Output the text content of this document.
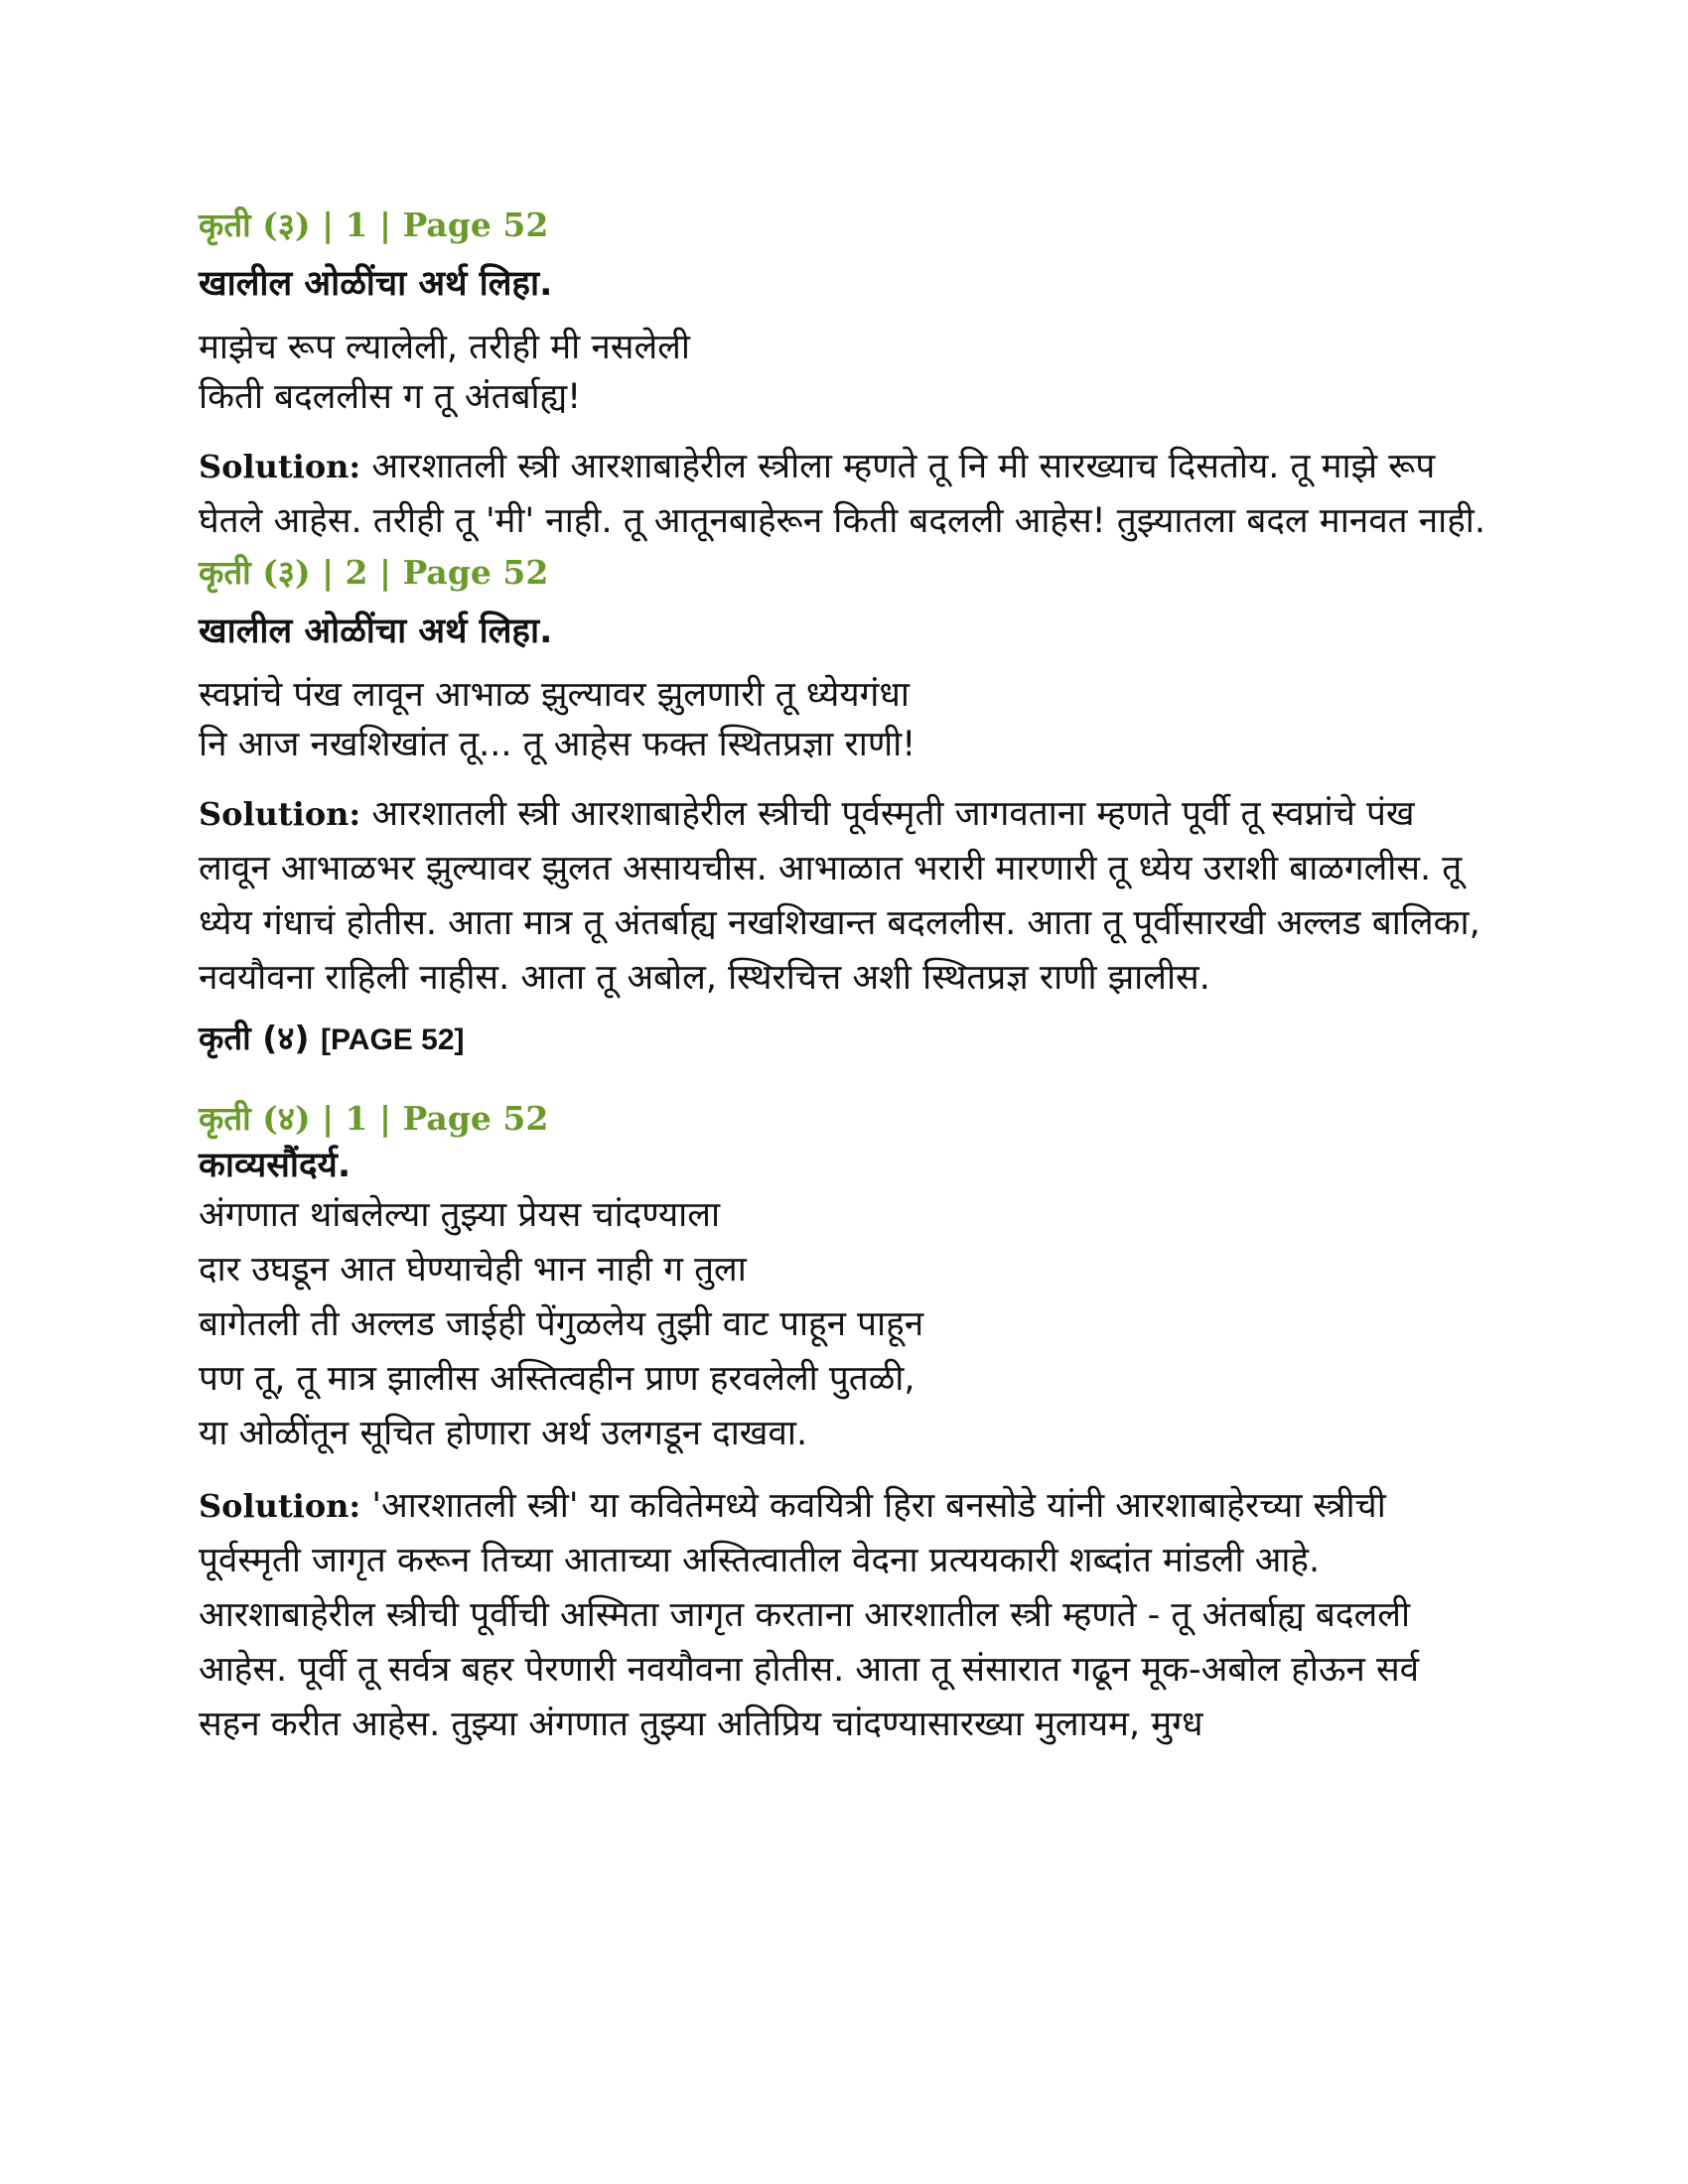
कृती (३) | 1 | Page 52

खालील ओळींचा अर्थ लिहा.

माझेच रूप ल्यालेली, तरीही मी नसलेली
किती बदललीस ग तू अंतर्बाह्य!

Solution: आरशातली स्त्री आरशाबाहेरील स्त्रीला म्हणते तू नि मी सारख्याच दिसतोय. तू माझे रूप घेतले आहेस. तरीही तू 'मी' नाही. तू आतूनबाहेरून किती बदलली आहेस! तुझ्यातला बदल मानवत नाही.

कृती (३) | 2 | Page 52

खालील ओळींचा अर्थ लिहा.

स्वप्नांचे पंख लावून आभाळ झुल्यावर झुलणारी तू ध्येयगंधा
नि आज नखशिखांत तू... तू आहेस फक्त स्थितप्रज्ञा राणी!

Solution: आरशातली स्त्री आरशाबाहेरील स्त्रीची पूर्वस्मृती जागवताना म्हणते पूर्वी तू स्वप्नांचे पंख लावून आभाळभर झुल्यावर झुलत असायचीस. आभाळात भरारी मारणारी तू ध्येय उराशी बाळगलीस. तू ध्येय गंधाचं होतीस. आता मात्र तू अंतर्बाह्य नखशिखान्त बदललीस. आता तू पूर्वीसारखी अल्लड बालिका, नवयौवना राहिली नाहीस. आता तू अबोल, स्थिरचित्त अशी स्थितप्रज्ञ राणी झालीस.

कृती (४) [PAGE 52]

कृती (४) | 1 | Page 52

काव्यसौंदर्य.

अंगणात थांबलेल्या तुझ्या प्रेयस चांदण्याला
दार उघडून आत घेण्याचेही भान नाही ग तुला
बागेतली ती अल्लड जाईही पेंगुळलेय तुझी वाट पाहून पाहून
पण तू, तू मात्र झालीस अस्तित्वहीन प्राण हरवलेली पुतळी,
या ओळींतून सूचित होणारा अर्थ उलगडून दाखवा.

Solution: 'आरशातली स्त्री' या कवितेमध्ये कवयित्री हिरा बनसोडे यांनी आरशाबाहेरच्या स्त्रीची पूर्वस्मृती जागृत करून तिच्या आताच्या अस्तित्वातील वेदना प्रत्ययकारी शब्दांत मांडली आहे. आरशाबाहेरील स्त्रीची पूर्वीची अस्मिता जागृत करताना आरशातील स्त्री म्हणते - तू अंतर्बाह्य बदलली आहेस. पूर्वी तू सर्वत्र बहर पेरणारी नवयौवना होतीस. आता तू संसारात गढून मूक-अबोल होऊन सर्व सहन करीत आहेस. तुझ्या अंगणात तुझ्या अतिप्रिय चांदण्यासारख्या मुलायम, मुग्ध
